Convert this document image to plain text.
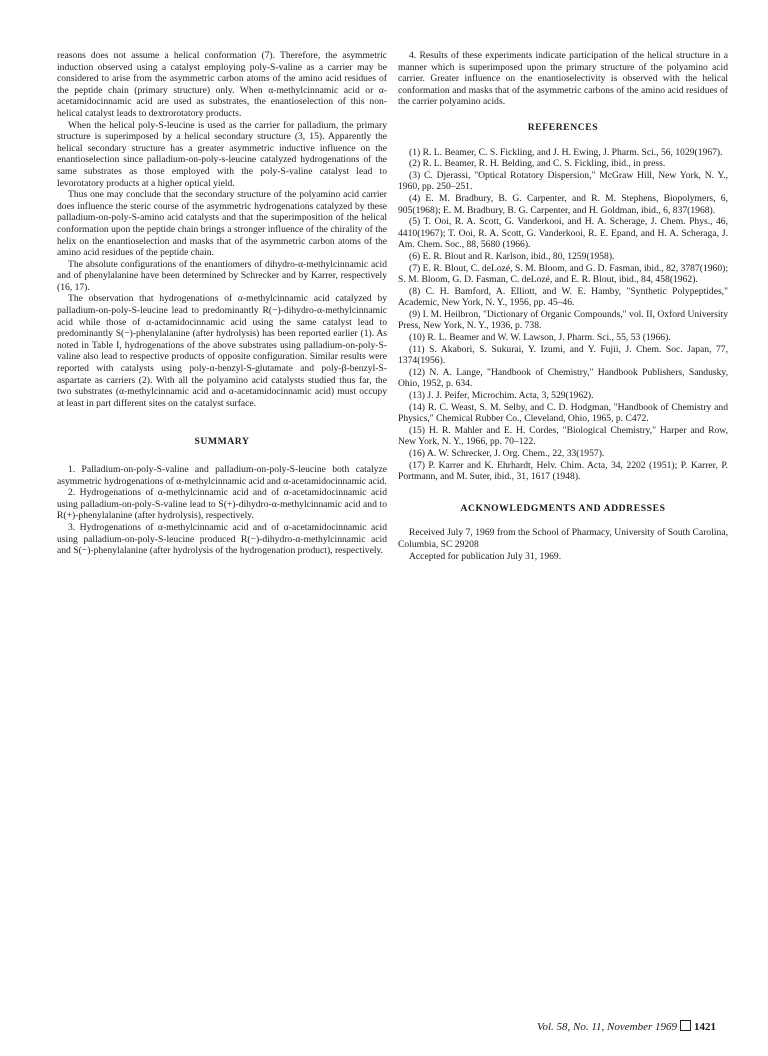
reasons does not assume a helical conformation (7). Therefore, the asymmetric induction observed using a catalyst employing poly-S-valine as a carrier may be considered to arise from the asymmetric carbon atoms of the amino acid residues of the peptide chain (primary structure) only. When α-methylcinnamic acid or α-acetamidocinnamic acid are used as substrates, the enantioselection of this non-helical catalyst leads to dextrorotatory products.

When the helical poly-S-leucine is used as the carrier for palladium, the primary structure is superimposed by a helical secondary structure (3, 15). Apparently the helical secondary structure has a greater asymmetric inductive influence on the enantioselection since palladium-on-poly-s-leucine catalyzed hydrogenations of the same substrates as those employed with the poly-S-valine catalyst lead to levorotatory products at a higher optical yield.

Thus one may conclude that the secondary structure of the polyamino acid carrier does influence the steric course of the asymmetric hydrogenations catalyzed by these palladium-on-poly-S-amino acid catalysts and that the superimposition of the helical conformation upon the peptide chain brings a stronger influence of the chirality of the helix on the enantioselection and masks that of the asymmetric carbon atoms of the amino acid residues of the peptide chain.

The absolute configurations of the enantiomers of dihydro-α-methylcinnamic acid and of phenylalanine have been determined by Schrecker and by Karrer, respectively (16, 17).

The observation that hydrogenations of α-methylcinnamic acid catalyzed by palladium-on-poly-S-leucine lead to predominantly R(−)-dihydro-α-methylcinnamic acid while those of α-actamidocinnamic acid using the same catalyst lead to predominantly S(−)-phenylalanine (after hydrolysis) has been reported earlier (1). As noted in Table I, hydrogenations of the above substrates using palladium-on-poly-S-valine also lead to respective products of opposite configuration. Similar results were reported with catalysts using poly-α-benzyl-S-glutamate and poly-β-benzyl-S-aspartate as carriers (2). With all the polyamino acid catalysts studied thus far, the two substrates (α-methylcinnamic acid and α-acetamidocinnamic acid) must occupy at least in part different sites on the catalyst surface.

SUMMARY

1. Palladium-on-poly-S-valine and palladium-on-poly-S-leucine both catalyze asymmetric hydrogenations of α-methylcinnamic acid and α-acetamidocinnamic acid.

2. Hydrogenations of α-methylcinnamic acid and of α-acetamidocinnamic acid using palladium-on-poly-S-valine lead to S(+)-dihydro-α-methylcinnamic acid and to R(+)-phenylalanine (after hydrolysis), respectively.

3. Hydrogenations of α-methylcinnamic acid and of α-acetamidocinnamic acid using palladium-on-poly-S-leucine produced R(−)-dihydro-α-methylcinnamic acid and S(−)-phenylalanine (after hydrolysis of the hydrogenation product), respectively.

4. Results of these experiments indicate participation of the helical structure in a manner which is superimposed upon the primary structure of the polyamino acid carrier. Greater influence on the enantioselectivity is observed with the helical conformation and masks that of the asymmetric carbons of the amino acid residues of the carrier polyamino acids.

REFERENCES

(1) R. L. Beamer, C. S. Fickling, and J. H. Ewing, J. Pharm. Sci., 56, 1029(1967).

(2) R. L. Beamer, R. H. Belding, and C. S. Fickling, ibid., in press.

(3) C. Djerassi, "Optical Rotatory Dispersion," McGraw Hill, New York, N. Y., 1960, pp. 250–251.

(4) E. M. Bradbury, B. G. Carpenter, and R. M. Stephens, Biopolymers, 6, 905(1968); E. M. Bradbury, B. G. Carpenter, and H. Goldman, ibid., 6, 837(1968).

(5) T. Ooi, R. A. Scott, G. Vanderkooi, and H. A. Scherage, J. Chem. Phys., 46, 4410(1967); T. Ooi, R. A. Scott, G. Vanderkooi, R. E. Epand, and H. A. Scheraga, J. Am. Chem. Soc., 88, 5680 (1966).

(6) E. R. Blout and R. Karlson, ibid., 80, 1259(1958).

(7) E. R. Blout, C. deLozé, S. M. Bloom, and G. D. Fasman, ibid., 82, 3787(1960); S. M. Bloom, G. D. Fasman, C. deLozé, and E. R. Blout, ibid., 84, 458(1962).

(8) C. H. Bamford, A. Elliott, and W. E. Hamby, "Synthetic Polypeptides," Academic, New York, N. Y., 1956, pp. 45–46.

(9) I. M. Heilbron, "Dictionary of Organic Compounds," vol. II, Oxford University Press, New York, N. Y., 1936, p. 738.

(10) R. L. Beamer and W. W. Lawson, J. Pharm. Sci., 55, 53 (1966).

(11) S. Akabori, S. Sukurai, Y. Izumi, and Y. Fujii, J. Chem. Soc. Japan, 77, 1374(1956).

(12) N. A. Lange, "Handbook of Chemistry," Handbook Publishers, Sandusky, Ohio, 1952, p. 634.

(13) J. J. Peifer, Microchim. Acta, 3, 529(1962).

(14) R. C. Weast, S. M. Selby, and C. D. Hodgman, "Handbook of Chemistry and Physics," Chemical Rubber Co., Cleveland, Ohio, 1965, p. C472.

(15) H. R. Mahler and E. H. Cordes, "Biological Chemistry," Harper and Row, New York, N. Y., 1966, pp. 70–122.

(16) A. W. Schrecker, J. Org. Chem., 22, 33(1957).

(17) P. Karrer and K. Ehrhardt, Helv. Chim. Acta, 34, 2202 (1951); P. Karrer, P. Portmann, and M. Suter, ibid., 31, 1617 (1948).

ACKNOWLEDGMENTS AND ADDRESSES

Received July 7, 1969 from the School of Pharmacy, University of South Carolina, Columbia, SC 29208

Accepted for publication July 31, 1969.

Vol. 58, No. 11, November 1969 1421
